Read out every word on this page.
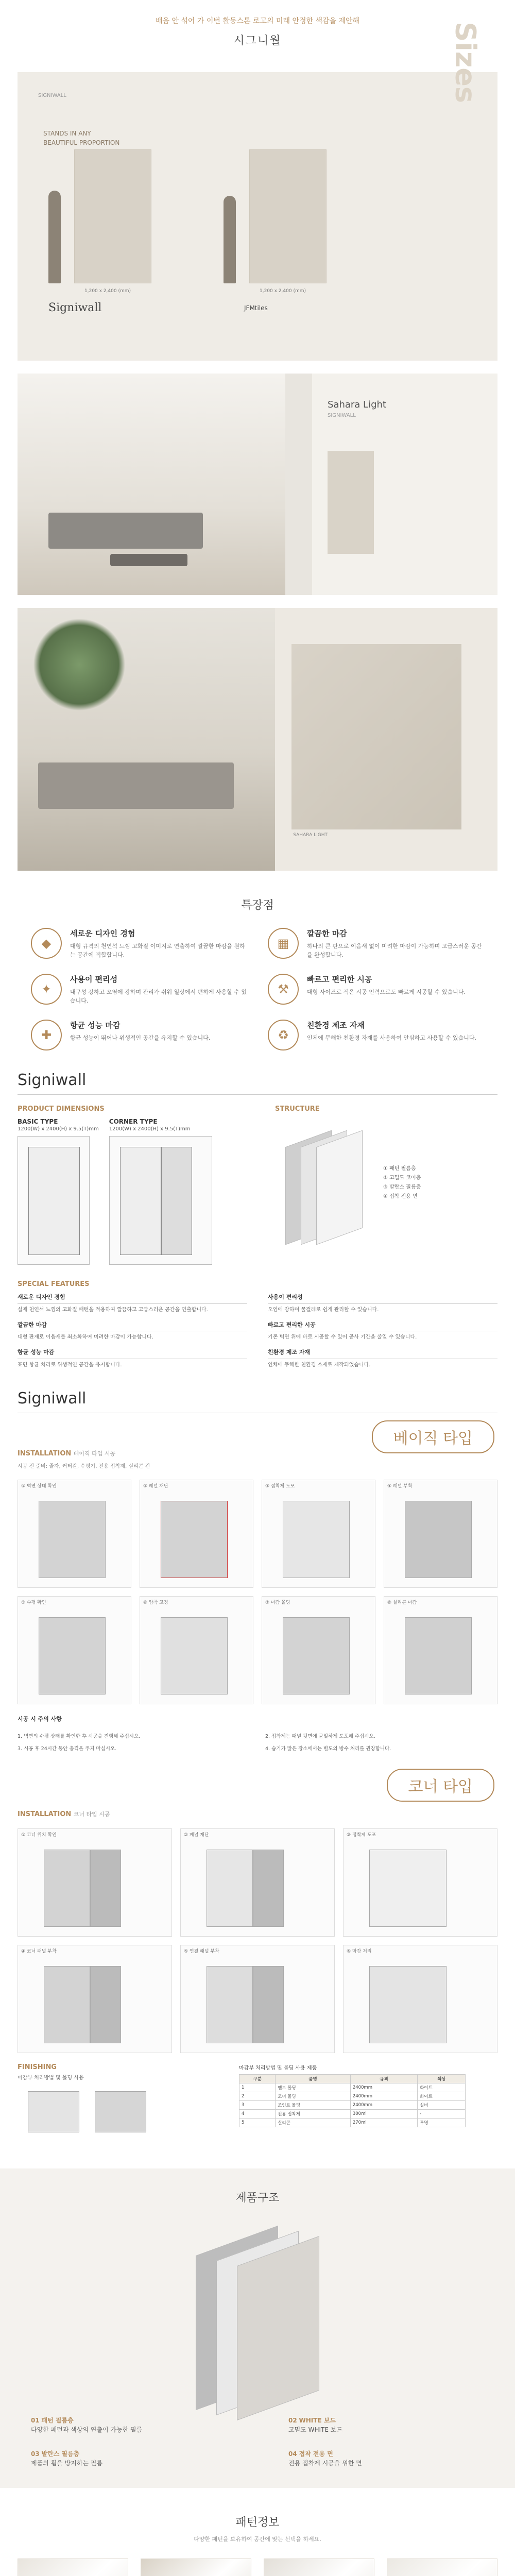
배움 안 섞어 가 이번 활동스톤 로고의 미래 안정한 색감을 제안해
시그니월
SIGNIWALL
STANDS IN ANY
BEAUTIFUL PROPORTION
Sizes
1,200 x 2,400 (mm)	1,200 x 2,400 (mm)
Signiwall	JFMtiles
Sahara Light
SIGNIWALL
SAHARA LIGHT
특장점
◆
세로운 디자인 경험

대형 규격의 천연석 느낌 고화질 이미지로 연출하여 깔끔한 마감을 원하는 공간에 적합합니다.

▦
깔끔한 마감

하나의 큰 판으로 이음새 없이 미려한 마감이 가능하며 고급스러운 공간을 완성합니다.

✦
사용이 편리성

내구성 강하고 오염에 강하며 관리가 쉬워 일상에서 편하게 사용할 수 있습니다.

⚒
빠르고 편리한 시공

대형 사이즈로 적은 시공 인력으로도 빠르게 시공할 수 있습니다.

✚
항균 성능 마감

항균 성능이 뛰어나 위생적인 공간을 유지할 수 있습니다.	♻
친환경 제조 자재

인체에 무해한 친환경 자재를 사용하여 안심하고 사용할 수 있습니다.

Signiwall
PRODUCT DIMENSIONS
BASIC TYPE
1200(W) x 2400(H) x 9.5(T)mm
CORNER TYPE
1200(W) x 2400(H) x 9.5(T)mm
STRUCTURE
① 패턴 필름층
② 고밀도 코어층
③ 발란스 필름층
④ 접착 전용 면
SPECIAL FEATURES
새로운 디자인 경험
실제 천연석 느낌의 고화질 패턴을 적용하여 깔끔하고 고급스러운 공간을 연출합니다.
사용이 편리성
오염에 강하며 물걸레로 쉽게 관리할 수 있습니다.
깔끔한 마감
대형 판재로 이음새를 최소화하여 미려한 마감이 가능합니다.
빠르고 편리한 시공
기존 벽면 위에 바로 시공할 수 있어 공사 기간을 줄일 수 있습니다.
항균 성능 마감
표면 항균 처리로 위생적인 공간을 유지합니다.
친환경 제조 자재
인체에 무해한 친환경 소재로 제작되었습니다.
Signiwall
베이직 타입
INSTALLATION 베이직 타입 시공
시공 전 준비: 줄자, 커터칼, 수평기, 전용 접착제, 실리콘 건
① 벽면 상태 확인	② 패널 재단	③ 접착제 도포	④ 패널 부착
⑤ 수평 확인	⑥ 압착 고정	⑦ 마감 몰딩	⑧ 실리콘 마감
시공 시 주의 사항
1. 벽면의 수평 상태를 확인한 후 시공을 진행해 주십시오.	2. 접착제는 패널 뒷면에 균일하게 도포해 주십시오.
3. 시공 후 24시간 동안 충격을 주지 마십시오.	4. 습기가 많은 장소에서는 별도의 방수 처리를 권장합니다.
코너 타입
INSTALLATION 코너 타입 시공
① 코너 위치 확인	② 패널 재단	③ 접착제 도포
④ 코너 패널 부착	⑤ 연결 패널 부착	⑥ 마감 처리
FINISHING
마감부 처리방법 및 몰딩 사용
마감부 처리방법 및 몰딩 사용 제품
구분	품명	규격	색상
1	엔드 몰딩	2400mm	화이트
2	코너 몰딩	2400mm	화이트
3	조인트 몰딩	2400mm	실버
4	전용 접착제	300ml	-
5	실리콘	270ml	투명
제품구조
01 패턴 필름층
다양한 패턴과 색상의 연출이 가능한 필름
02 WHITE 보드
고밀도 WHITE 보드
03 발란스 필름층
제품의 휨을 방지하는 필름
04 접착 전용 면
전용 접착제 시공을 위한 면
패턴정보
다양한 패턴을 보유하여 공간에 맞는 선택을 하세요.
